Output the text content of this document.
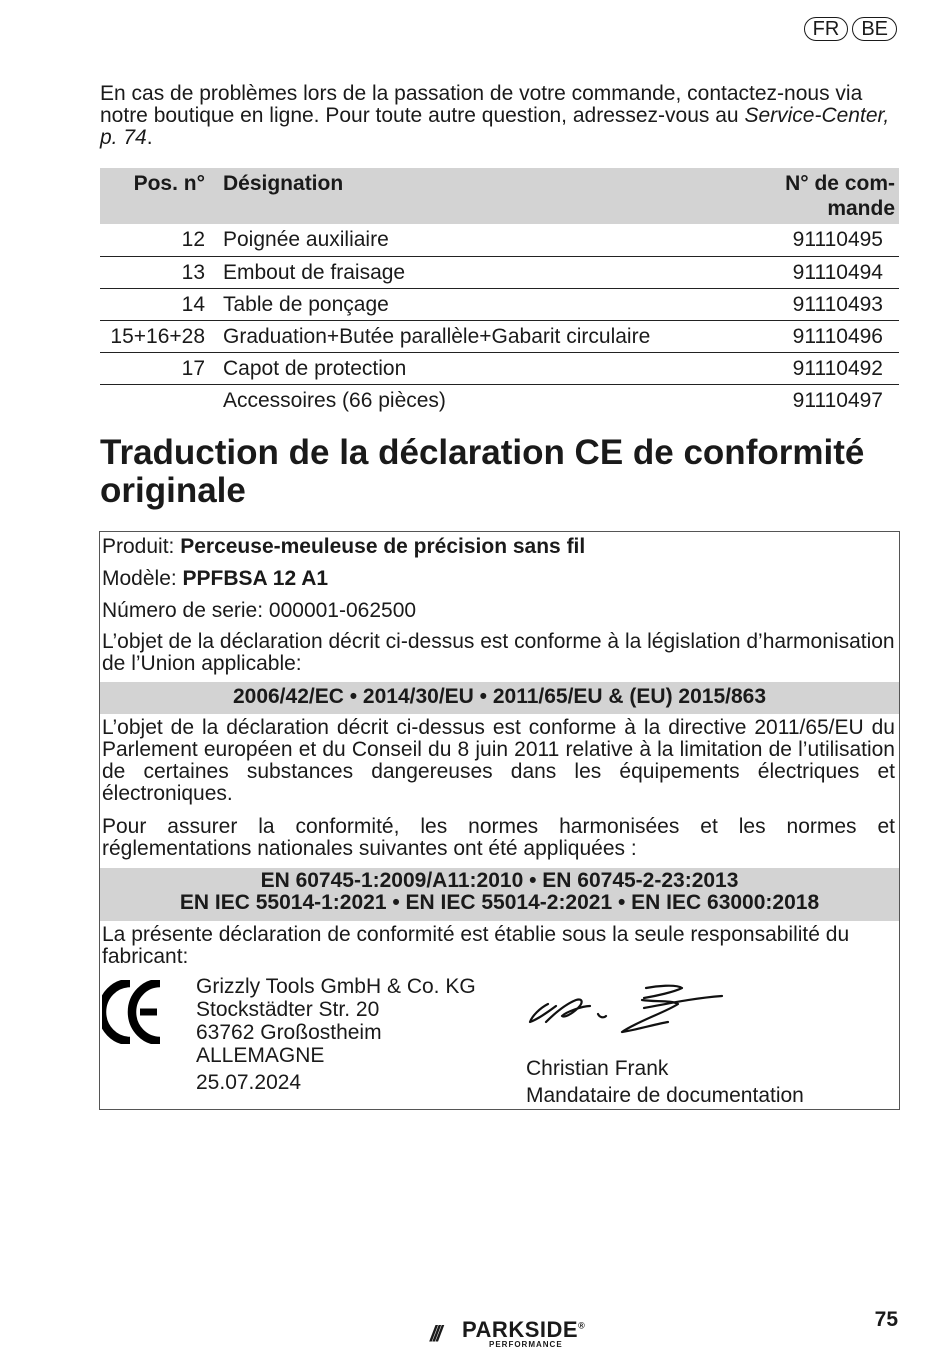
FR	BE

En cas de problèmes lors de la passation de votre commande, contactez-nous via notre boutique en ligne. Pour toute autre question, adressez-vous au Service-Center, p. 74.

Pos. n°	Désignation	N° de com-
mande
12	Poignée auxiliaire	91110495
13	Embout de fraisage	91110494
14	Table de ponçage	91110493
15+16+28	Graduation+Butée parallèle+Gabarit circulaire	91110496
17	Capot de protection	91110492
	Accessoires (66 pièces)	91110497
Traduction de la déclaration CE de conformité originale
Produit: Perceuse-meuleuse de précision sans fil
Modèle: PPFBSA 12 A1
Número de serie: 000001-062500
L’objet de la déclaration décrit ci-dessus est conforme à la législation d’harmonisation de l’Union applicable:
2006/42/EC • 2014/30/EU • 2011/65/EU & (EU) 2015/863
L’objet de la déclaration décrit ci-dessus est conforme à la directive 2011/65/EU du Parlement européen et du Conseil du 8 juin 2011 relative à la limitation de l’utilisation de certaines substances dangereuses dans les équipements électriques et électroniques.
Pour assurer la conformité, les normes harmonisées et les normes et réglementations nationales suivantes ont été appliquées :
EN 60745-1:2009/A11:2010 • EN 60745-2-23:2013
EN IEC 55014-1:2021 • EN IEC 55014-2:2021 • EN IEC 63000:2018
La présente déclaration de conformité est établie sous la seule responsabilité du fabricant:
Grizzly Tools GmbH & Co. KG
Stockstädter Str. 20
63762 Großostheim
ALLEMAGNE
25.07.2024
Christian Frank
Mandataire de documentation
/// PARKSIDE®
PERFORMANCE
75
